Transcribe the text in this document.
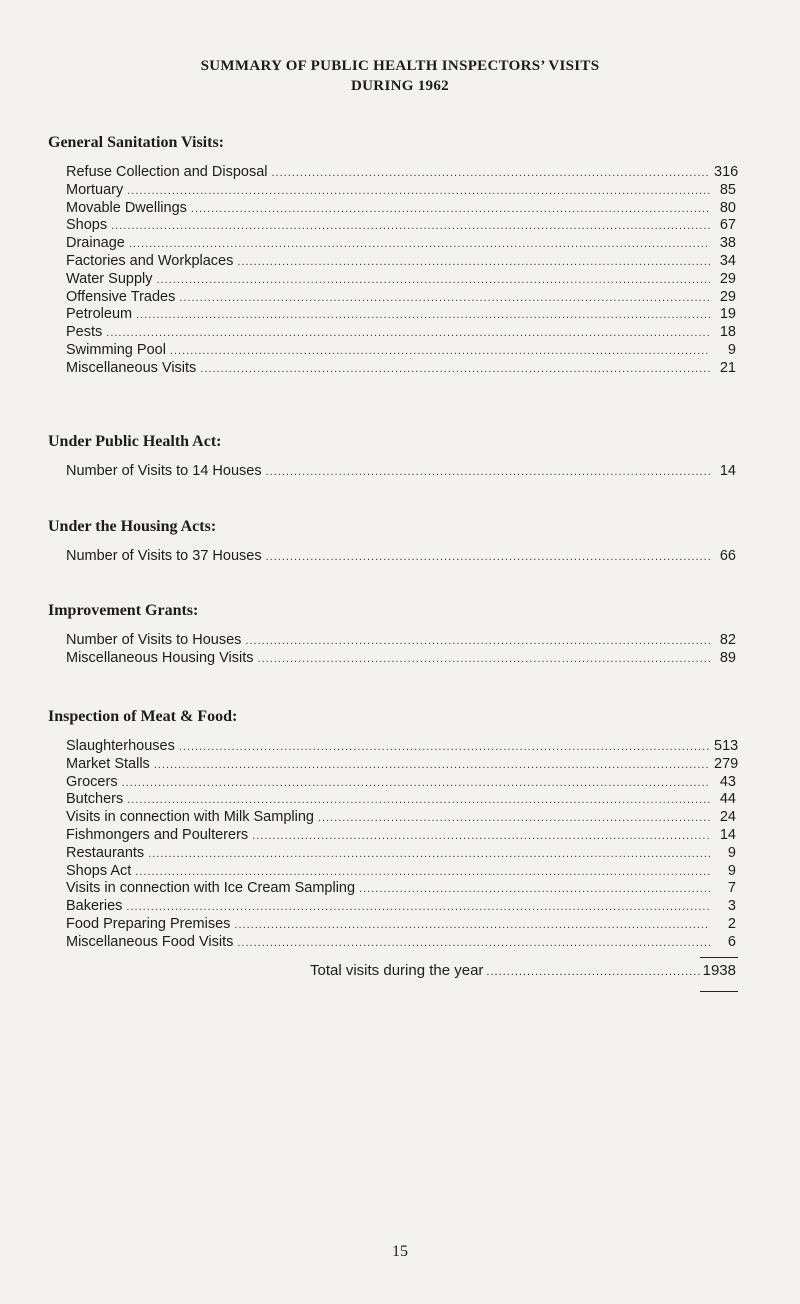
SUMMARY OF PUBLIC HEALTH INSPECTORS’ VISITS
DURING 1962
General Sanitation Visits:
Refuse Collection and Disposal .....	316
Mortuary .....	85
Movable Dwellings .....	80
Shops .....	67
Drainage .....	38
Factories and Workplaces .....	34
Water Supply .....	29
Offensive Trades .....	29
Petroleum .....	19
Pests .....	18
Swimming Pool .....	9
Miscellaneous Visits .....	21
Under Public Health Act:
Number of Visits to 14 Houses .....	14
Under the Housing Acts:
Number of Visits to 37 Houses .....	66
Improvement Grants:
Number of Visits to Houses .....	82
Miscellaneous Housing Visits .....	89
Inspection of Meat & Food:
Slaughterhouses .....	513
Market Stalls .....	279
Grocers .....	43
Butchers .....	44
Visits in connection with Milk Sampling .....	24
Fishmongers and Poulterers .....	14
Restaurants .....	9
Shops Act .....	9
Visits in connection with Ice Cream Sampling .....	7
Bakeries .....	3
Food Preparing Premises .....	2
Miscellaneous Food Visits .....	6
Total visits during the year .....	1938
15
